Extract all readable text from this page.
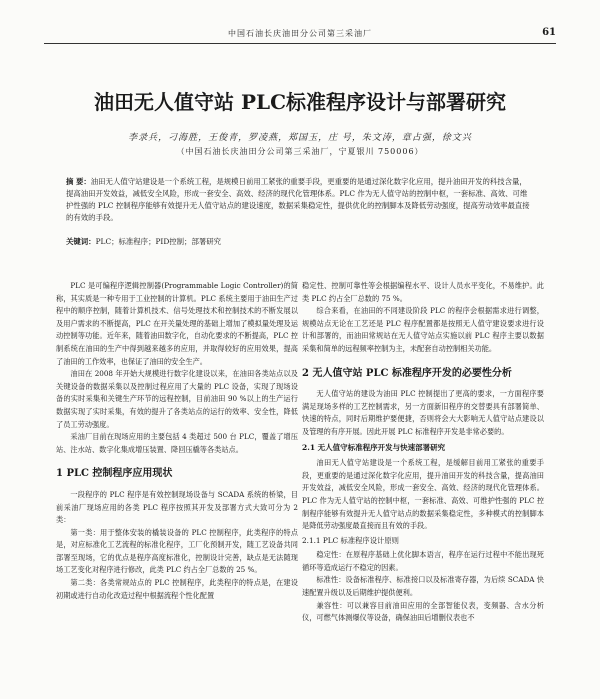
中国石油长庆油田分公司第三采油厂	61
油田无人值守站 PLC标准程序设计与部署研究
李录兵，刁海胜，王俊青，罗凌燕，郑国玉，庄 号，朱文涛，章占强，徐文兴
（中国石油长庆油田分公司第三采油厂，宁夏银川 750006）
摘 要：油田无人值守站建设是一个系统工程，是规模日前用工紧张的重要手段，更重要的是通过深化数字化应用，提升油田开发的科技含量，提高油田开发效益，减低安全风险，形成一套安全、高效、经济的现代化管理体系。PLC 作为无人值守站的控制中枢，一套标准、高效、可维护性强的 PLC 控制程序能够有效提升无人值守站点的建设速度，数据采集稳定性，提供优化的控制脚本及降低劳动强度，提高劳动效率最直接的有效的手段。
关键词：PLC；标准程序；PID控制；部署研究

PLC 是可编程序逻辑控制器(Programmable Logic Controller)的简称，其实质是一种专用于工业控制的计算机。PLC 系统主要用于油田生产过程中的顺序控制，随着计算机技术、信号处理技术和控制技术的不断发展以及用户需求的不断提高，PLC 在开关量处理的基础上增加了模拟量处理及运动控制等功能。近年来，随着油田数字化，自动化要求的不断提高，PLC 控制系统在油田的生产中得到越来越多的应用，并取得较好的应用效果，提高了油田的工作效率，也保证了油田的安全生产。

油田在 2008 年开始大规模进行数字化建设以来，在油田各类站点以及关键设备的数据采集以及控制过程应用了大量的 PLC 设备，实现了现场设备的实时采集和关键生产环节的远程控制，目前油田 90 %以上的生产运行数据实现了实时采集，有效的提升了各类站点的运行的效率、安全性，降低了员工劳动强度。

采油厂目前在现场应用的主要包括 4 类超过 500 台 PLC，覆盖了增压站、注水站、数字化集成增压装置、降回压橇等各类站点。

1 PLC 控制程序应用现状

一段程序的 PLC 程序是有效控制现场设备与 SCADA 系统的桥梁，目前采油厂现场应用的各类 PLC 程序按照其开发及部署方式大致可分为 2 类：

第一类：用于整体安装的橇装设备的 PLC 控制程序，此类程序的特点是，对应标准化工艺流程的标准化程序，工厂化预制开发，随工艺设备共同部署至现场，它的优点是程序高度标准化，控制设计完善，缺点是无法随现场工艺变化对程序进行修改，此类 PLC 约占全厂总数的 25 %。

第二类：各类常规站点的 PLC 控制程序，此类程序的特点是，在建设初期或进行自动化改造过程中根据流程个性化配置

稳定性、控制可靠性等会根据编程水平、设计人员水平变化，不易维护。此类 PLC 约占全厂总数的 75 %。

综合来看，在油田的不同建设阶段 PLC 的程序会根据需求进行调整，规模站点无论在工艺还是 PLC 程序配置都是按照无人值守建设要求进行设计和部署的，而油田常规站在无人值守站点实施以前 PLC 程序主要以数据采集和简单的远程频率控制为主，未配套自动控制相关功能。

2 无人值守站 PLC 标准程序开发的必要性分析

无人值守站的建设为油田 PLC 控制提出了更高的要求，一方面程序要满足现场多样的工艺控制需求，另一方面新旧程序的交替要具有部署简单、快速的特点，同时后期维护要便捷，否则将会大大影响无人值守站点建设以及管理的有序开展。因此开展 PLC 标准程序开发是非常必要的。

2.1 无人值守标准程序开发与快速部署研究

油田无人值守站建设是一个系统工程，是缓解目前用工紧张的重要手段，更重要的是通过深化数字化应用，提升油田开发的科技含量，提高油田开发效益，减低安全风险，形成一套安全、高效、经济的现代化管理体系。PLC 作为无人值守站的控制中枢，一套标准、高效、可维护性强的 PLC 控制程序能够有效提升无人值守站点的数据采集稳定性，多种模式的控制脚本是降低劳动强度最直接而且有效的手段。

2.1.1 PLC 标准程序设计原则

稳定性：在原程序基础上优化脚本语言，程序在运行过程中不能出现死循环等造成运行不稳定的因素。

标准性：设备标准程序、标准接口以及标准寄存器，为后续 SCADA 快速配置升级以及后期维护提供便利。

兼容性：可以兼容目前油田应用的全部智能仪表，变频器、含水分析仪，可燃气体测爆仪等设备，确保油田后增删仪表也不
